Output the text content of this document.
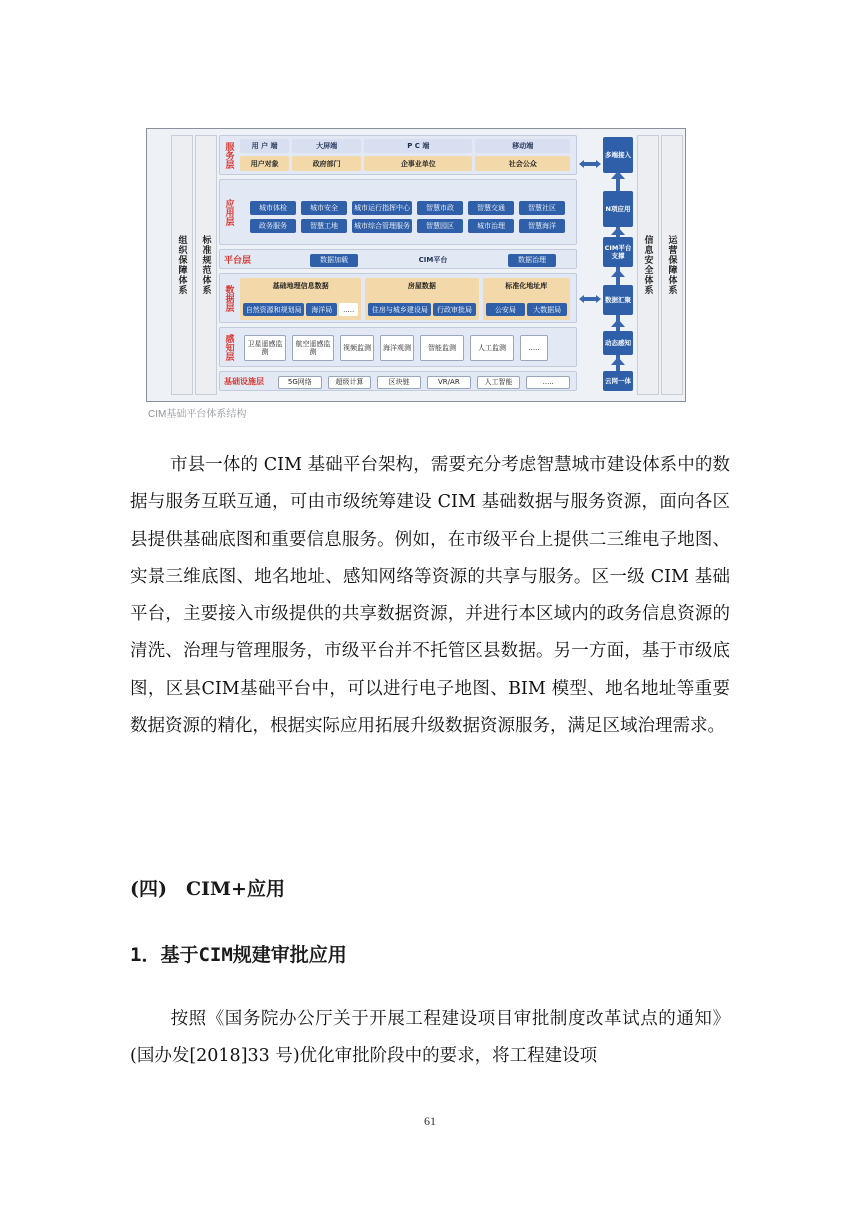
组织保障体系 标准规范体系	信息安全体系 运营保障体系
服务层	用 户 端	大屏端	P C 端	移动端
用户对象	政府部门	企事业单位	社会公众
应用层	城市体检	城市安全	城市运行指挥中心	智慧市政	智慧交通	智慧社区
政务服务	智慧工地	城市综合管理服务	智慧园区	城市治理	智慧海洋
平台层	数据加载	CIM平台	数据治理
数据层	基础地理信息数据
自然资源和规划局	海洋局	.....
房屋数据
住房与城乡建设局	行政审批局
标准化地址库
公安局	大数据局
感知层	卫星遥感监测
航空遥感监测
视频监测	海洋观测	智能监测	人工监测	.....
基础设施层	5G网络	超级计算	区块链	VR/AR	人工智能	.....
多端接入
N项应用
CIM平台支撑
数据汇聚
动态感知
云网一体
CIM基础平台体系结构

市县一体的 CIM 基础平台架构，需要充分考虑智慧城市建设体系中的数据与服务互联互通，可由市级统筹建设 CIM 基础数据与服务资源，面向各区县提供基础底图和重要信息服务。例如，在市级平台上提供二三维电子地图、实景三维底图、地名地址、感知网络等资源的共享与服务。区一级 CIM 基础平台，主要接入市级提供的共享数据资源，并进行本区域内的政务信息资源的清洗、治理与管理服务，市级平台并不托管区县数据。另一方面，基于市级底图，区县CIM基础平台中，可以进行电子地图、BIM 模型、地名地址等重要数据资源的精化，根据实际应用拓展升级数据资源服务，满足区域治理需求。

(四)　CIM+应用
1．基于CIM规建审批应用

按照《国务院办公厅关于开展工程建设项目审批制度改革试点的通知》(国办发[2018]33 号)优化审批阶段中的要求，将工程建设项

61
